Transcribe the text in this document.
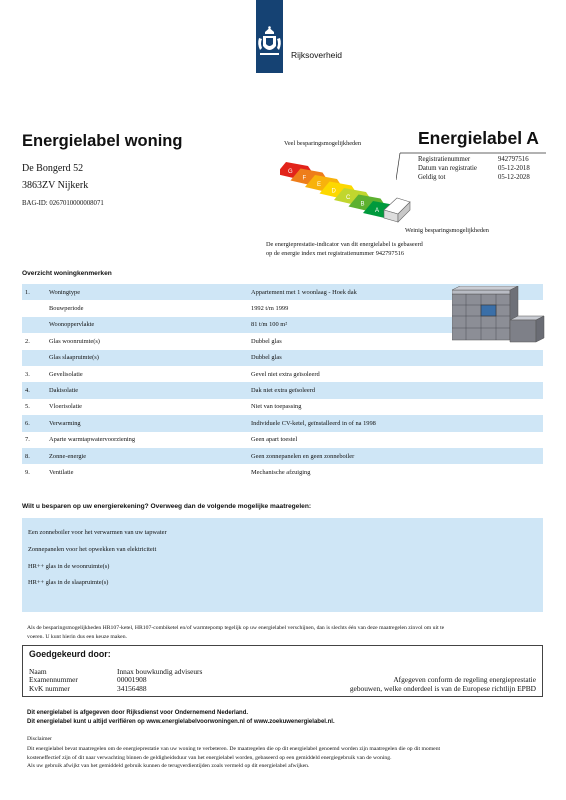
Rijksoverheid
Energielabel woning
De Bongerd 52
3863ZV Nijkerk
BAG-ID: 0267010000008071
Veel besparingsmogelijkheden
G
F
E
D
C
B
A
Weinig besparingsmogelijkheden
Energielabel A
Registratienummer	942797516
Datum van registratie	05-12-2018
Geldig tot	05-12-2028
De energieprestatie-indicator van dit energielabel is gebaseerd
op de energie index met registratienummer 942797516
Overzicht woningkenmerken
1.	Woningtype	Appartement met 1 woonlaag - Hoek dak
	Bouwperiode	1992 t/m 1999
	Woonoppervlakte	81 t/m 100 m²
2.	Glas woonruimte(s)	Dubbel glas
	Glas slaapruimte(s)	Dubbel glas
3.	Gevelisolatie	Gevel niet extra geïsoleerd
4.	Dakisolatie	Dak niet extra geïsoleerd
5.	Vloerisolatie	Niet van toepassing
6.	Verwarming	Individuele CV-ketel, geïnstalleerd in of na 1998
7.	Aparte warmtapwatervoorziening	Geen apart toestel
8.	Zonne-energie	Geen zonnepanelen en geen zonneboiler
9.	Ventilatie	Mechanische afzuiging
Wilt u besparen op uw energierekening? Overweeg dan de volgende mogelijke maatregelen:
Een zonneboiler voor het verwarmen van uw tapwater
Zonnepanelen voor het opwekken van elektriciteit
HR++ glas in de woonruimte(s)
HR++ glas in de slaapruimte(s)
Als de besparingsmogelijkheden HR107-ketel, HR107-combiketel en/of warmtepomp tegelijk op uw energielabel verschijnen, dan is slechts één van deze maatregelen zinvol om uit te
voeren. U kunt hierin dus een keuze maken.
Goedgekeurd door:
Naam	Innax bouwkundig adviseurs
Examennummer	00001908
KvK nummer	34156488
Afgegeven conform de regeling energieprestatie
gebouwen, welke onderdeel is van de Europese richtlijn EPBD
Dit energielabel is afgegeven door Rijksdienst voor Ondernemend Nederland.
Dit energielabel kunt u altijd verifiëren op www.energielabelvoorwoningen.nl of www.zoekuwenergielabel.nl.
Disclaimer
Dit energielabel bevat maatregelen om de energieprestatie van uw woning te verbeteren. De maatregelen die op dit energielabel genoemd worden zijn maatregelen die op dit moment
kosteneffectief zijn of dit naar verwachting binnen de geldigheidsduur van het energielabel worden, gebaseerd op een gemiddeld energiegebruik van de woning.
Als uw gebruik afwijkt van het gemiddeld gebruik kunnen de terugverdientijden zoals vermeld op dit energielabel afwijken.
